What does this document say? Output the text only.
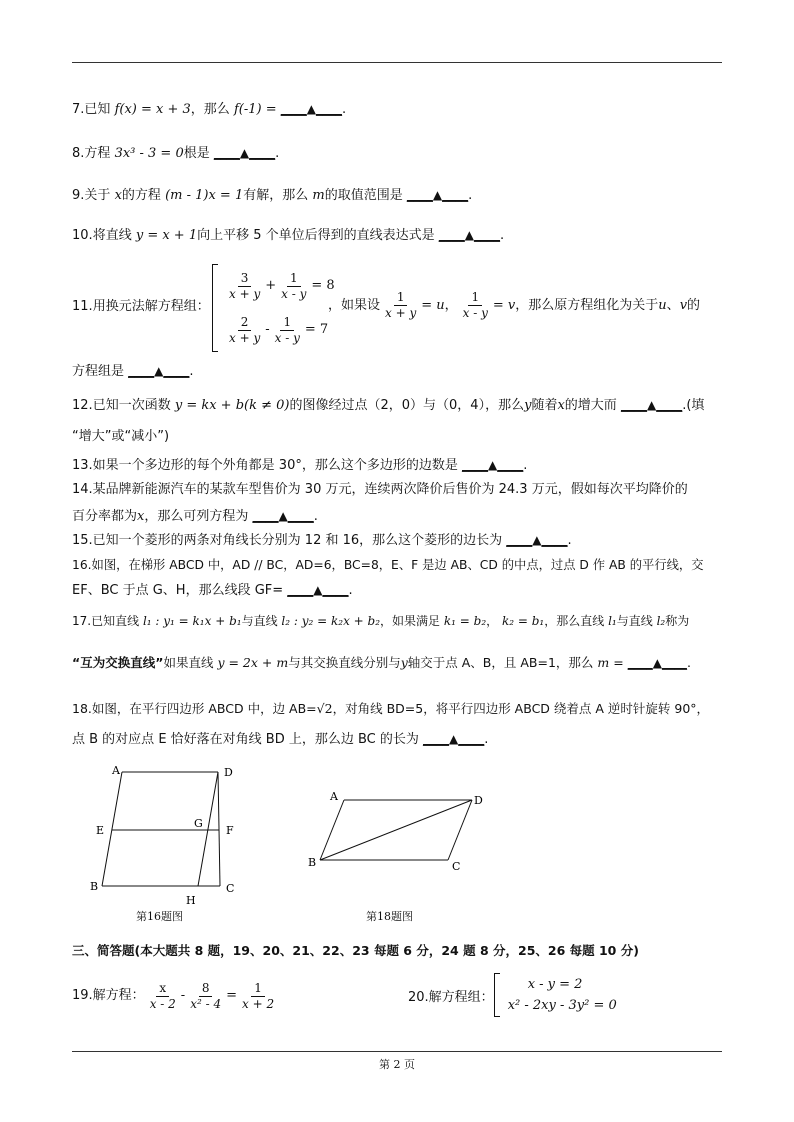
7.已知 f(x) = x + 3，那么 f(-1) = ____▲____.
8.方程 3x³ - 3 = 0根是 ____▲____.
9.关于 x的方程 (m - 1)x = 1有解，那么 m的取值范围是 ____▲____.
10.将直线 y = x + 1向上平移 5 个单位后得到的直线表达式是 ____▲____.
11.用换元法解方程组：
$\frac{3}{x + y} + \frac{1}{x - y} = 8$
$\frac{2}{x + y} - \frac{1}{x - y} = 7$
，如果设 $\frac{1}{x + y} = u$ ， $\frac{1}{x - y} = v$ ，那么原方程组化为关于 u 、 v 的
方程组是 ____▲____.
12.已知一次函数 y = kx + b(k ≠ 0)的图像经过点（2，0）与（0，4），那么y随着x的增大而 ____▲____.(填
“增大”或“减小”)
13.如果一个多边形的每个外角都是 30°，那么这个多边形的边数是 ____▲____.
14.某品牌新能源汽车的某款车型售价为 30 万元，连续两次降价后售价为 24.3 万元，假如每次平均降价的
百分率都为x，那么可列方程为 ____▲____.
15.已知一个菱形的两条对角线长分别为 12 和 16，那么这个菱形的边长为 ____▲____.
16.如图，在梯形 ABCD 中，AD // BC，AD=6，BC=8，E、F 是边 AB、CD 的中点，过点 D 作 AB 的平行线，交
EF、BC 于点 G、H，那么线段 GF= ____▲____.
17.已知直线 l₁ : y₁ = k₁x + b₁与直线 l₂ : y₂ = k₂x + b₂，如果满足 k₁ = b₂， k₂ = b₁，那么直线 l₁与直线 l₂称为
“互为交换直线”如果直线 y = 2x + m与其交换直线分别与y轴交于点 A、B，且 AB=1，那么 m = ____▲____.
18.如图，在平行四边形 ABCD 中，边 AB=√2，对角线 BD=5，将平行四边形 ABCD 绕着点 A 逆时针旋转 90°，
点 B 的对应点 E 恰好落在对角线 BD 上，那么边 BC 的长为 ____▲____.
A	D
E
G
F
B
H
C
第16题图
A	D
B	C
第18题图
三、简答题(本大题共 8 题，19、20、21、22、23 每题 6 分，24 题 8 分，25、26 每题 10 分)
19.解方程： $\frac{x}{x - 2} - \frac{8}{\text{x² - 4}} = \frac{1}{x + 2}$	20.解方程组：
x - y = 2
x² - 2xy - 3y² = 0
第 2 页
